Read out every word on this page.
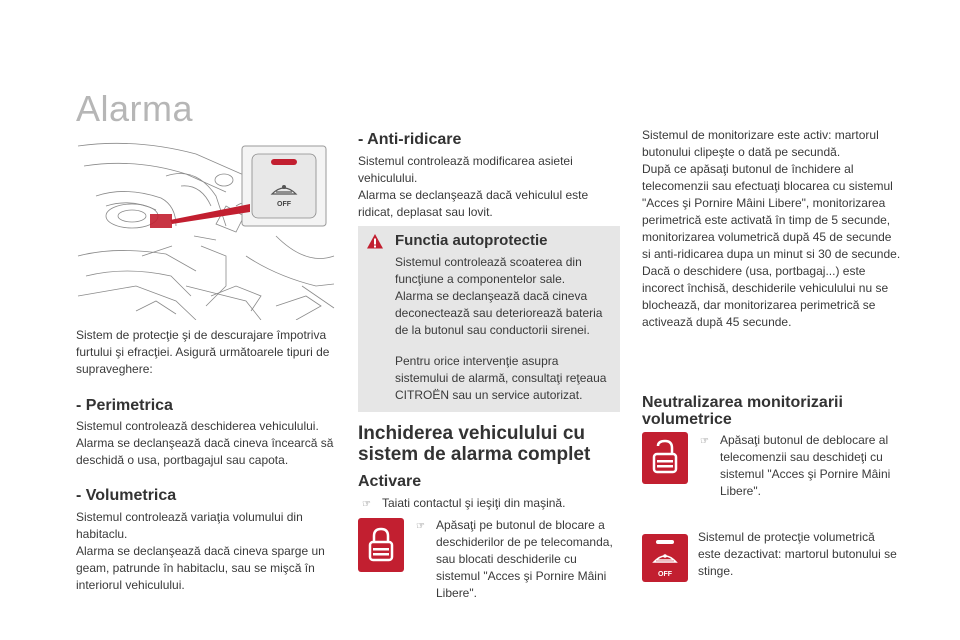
Alarma
OFF

Sistem de protecţie şi de descurajare împotriva furtului şi efracţiei. Asigură următoarele tipuri de supraveghere:

- Perimetrica

Sistemul controlează deschiderea vehiculului. Alarma se declanşează dacă cineva încearcă să deschidă o usa, portbagajul sau capota.

- Volumetrica

Sistemul controlează variaţia volumului din habitaclu.

Alarma se declanşează dacă cineva sparge un geam, patrunde în habitaclu, sau se mişcă în interiorul vehiculului.

- Anti-ridicare

Sistemul controlează modificarea asietei vehiculului.

Alarma se declanşează dacă vehiculul este ridicat, deplasat sau lovit.

Functia autoprotectie

Sistemul controlează scoaterea din funcţiune a componentelor sale.

Alarma se declanşează dacă cineva deconectează sau deteriorează bateria de la butonul sau conductorii sirenei.

Pentru orice intervenţie asupra sistemului de alarmă, consultaţi reţeaua CITROËN sau un service autorizat.

Inchiderea vehiculului cu
sistem de alarma complet
Activare
☞ Taiati contactul şi ieşiţi din maşină.

☞ Apăsaţi pe butonul de blocare a deschiderilor de pe telecomanda, sau blocati deschiderile cu sistemul "Acces şi Pornire Mâini Libere".

Sistemul de monitorizare este activ: martorul

butonului clipeşte o dată pe secundă.

După ce apăsaţi butonul de închidere al

telecomenzii sau efectuaţi blocarea cu sistemul

"Acces şi Pornire Mâini Libere", monitorizarea

perimetrică este activată în timp de 5 secunde,

monitorizarea volumetrică după 45 de secunde

si anti-ridicarea dupa un minut si 30 de secunde.

Dacă o deschidere (usa, portbagaj...) este

incorect închisă, deschiderile vehiculului nu se

blochează, dar monitorizarea perimetrică se

activează după 45 secunde.

Neutralizarea monitorizarii
volumetrice
☞ Apăsaţi butonul de deblocare al telecomenzii sau deschideţi cu sistemul "Acces şi Pornire Mâini Libere".

OFF

Sistemul de protecţie volumetrică este dezactivat: martorul butonului se stinge.
